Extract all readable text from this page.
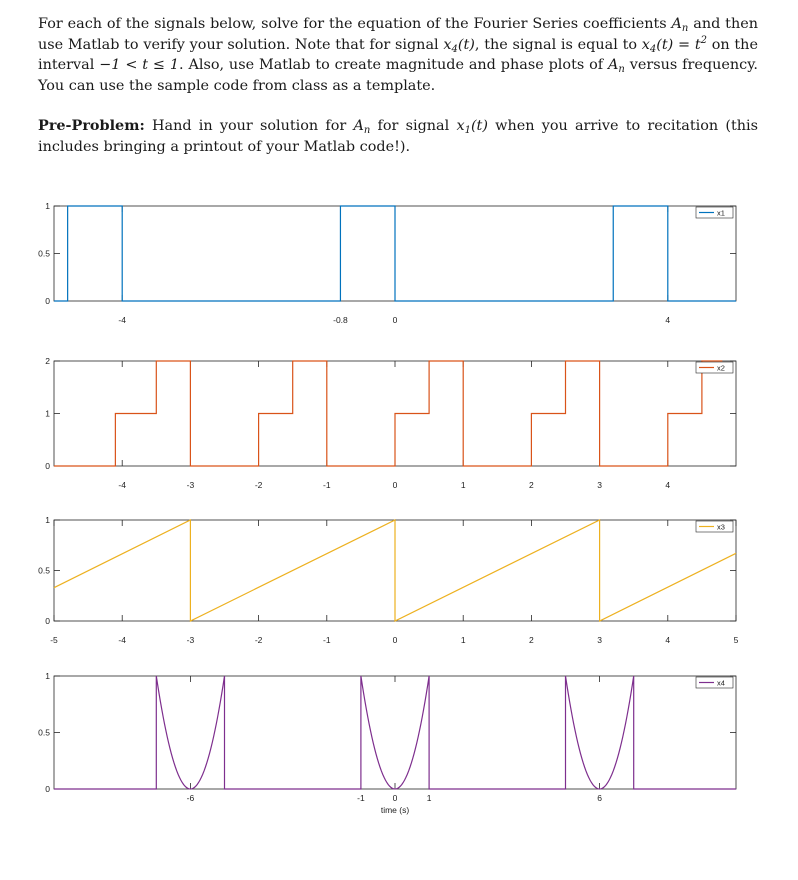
For each of the signals below, solve for the equation of the Fourier Series coefficients $A_n$ and then use Matlab to verify your solution. Note that for signal $x_4(t)$, the signal is equal to $x_4(t) = t^2$ on the interval −1 < t ≤ 1. Also, use Matlab to create magnitude and phase plots of $A_n$ versus frequency. You can use the sample code from class as a template.
Pre-Problem: Hand in your solution for $A_n$ for signal $x_1(t)$ when you arrive to recitation (this includes bringing a printout of your Matlab code!).
0
0.5
1
-4	-0.8	0	4
x1
0
1
2
-4	-3	-2	-1	0	1	2	3	4
x2
0
0.5
1
-5	-4	-3	-2	-1	0	1	2	3	4	5
x3
0
0.5
1
-6	-1	0	1	6
x4
time (s)
